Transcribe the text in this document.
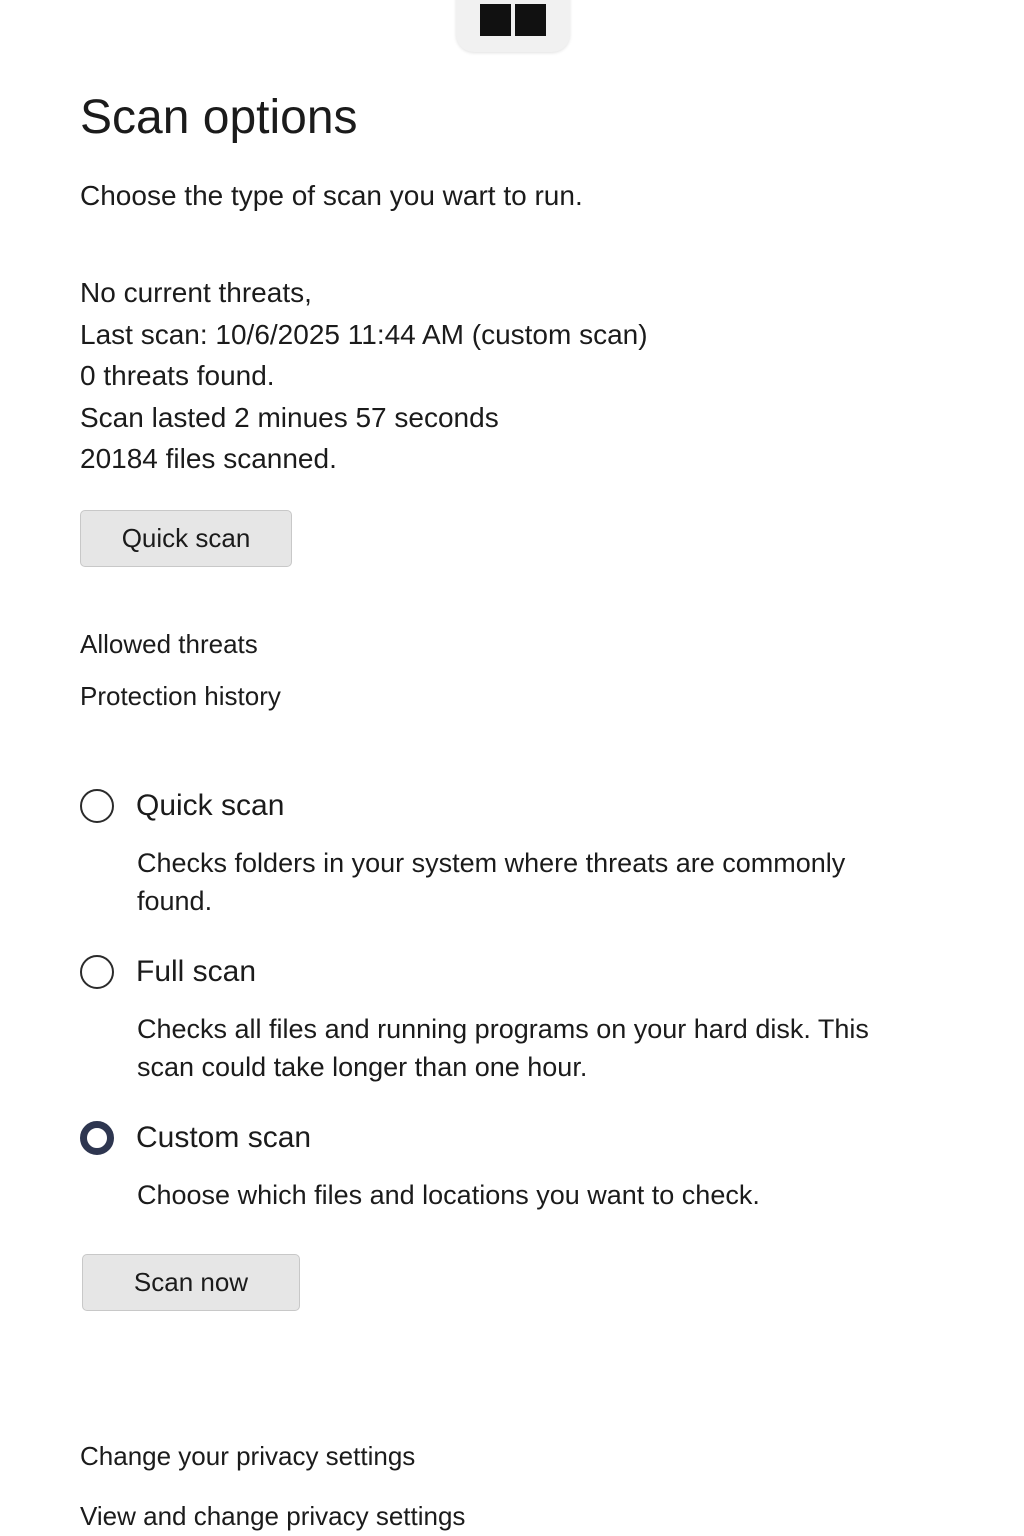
Scan options

Choose the type of scan you wart to run.

No current threats,
Last scan: 10/6/2025 11:44 AM (custom scan)
0 threats found.
Scan lasted 2 minues 57 seconds
20184 files scanned.
Quick scan
Allowed threats
Protection history
Quick scan
Checks folders in your system where threats are commonly found.
Full scan
Checks all files and running programs on your hard disk. This scan could take longer than one hour.
Custom scan
Choose which files and locations you want to check.
Scan now
Change your privacy settings
View and change privacy settings
